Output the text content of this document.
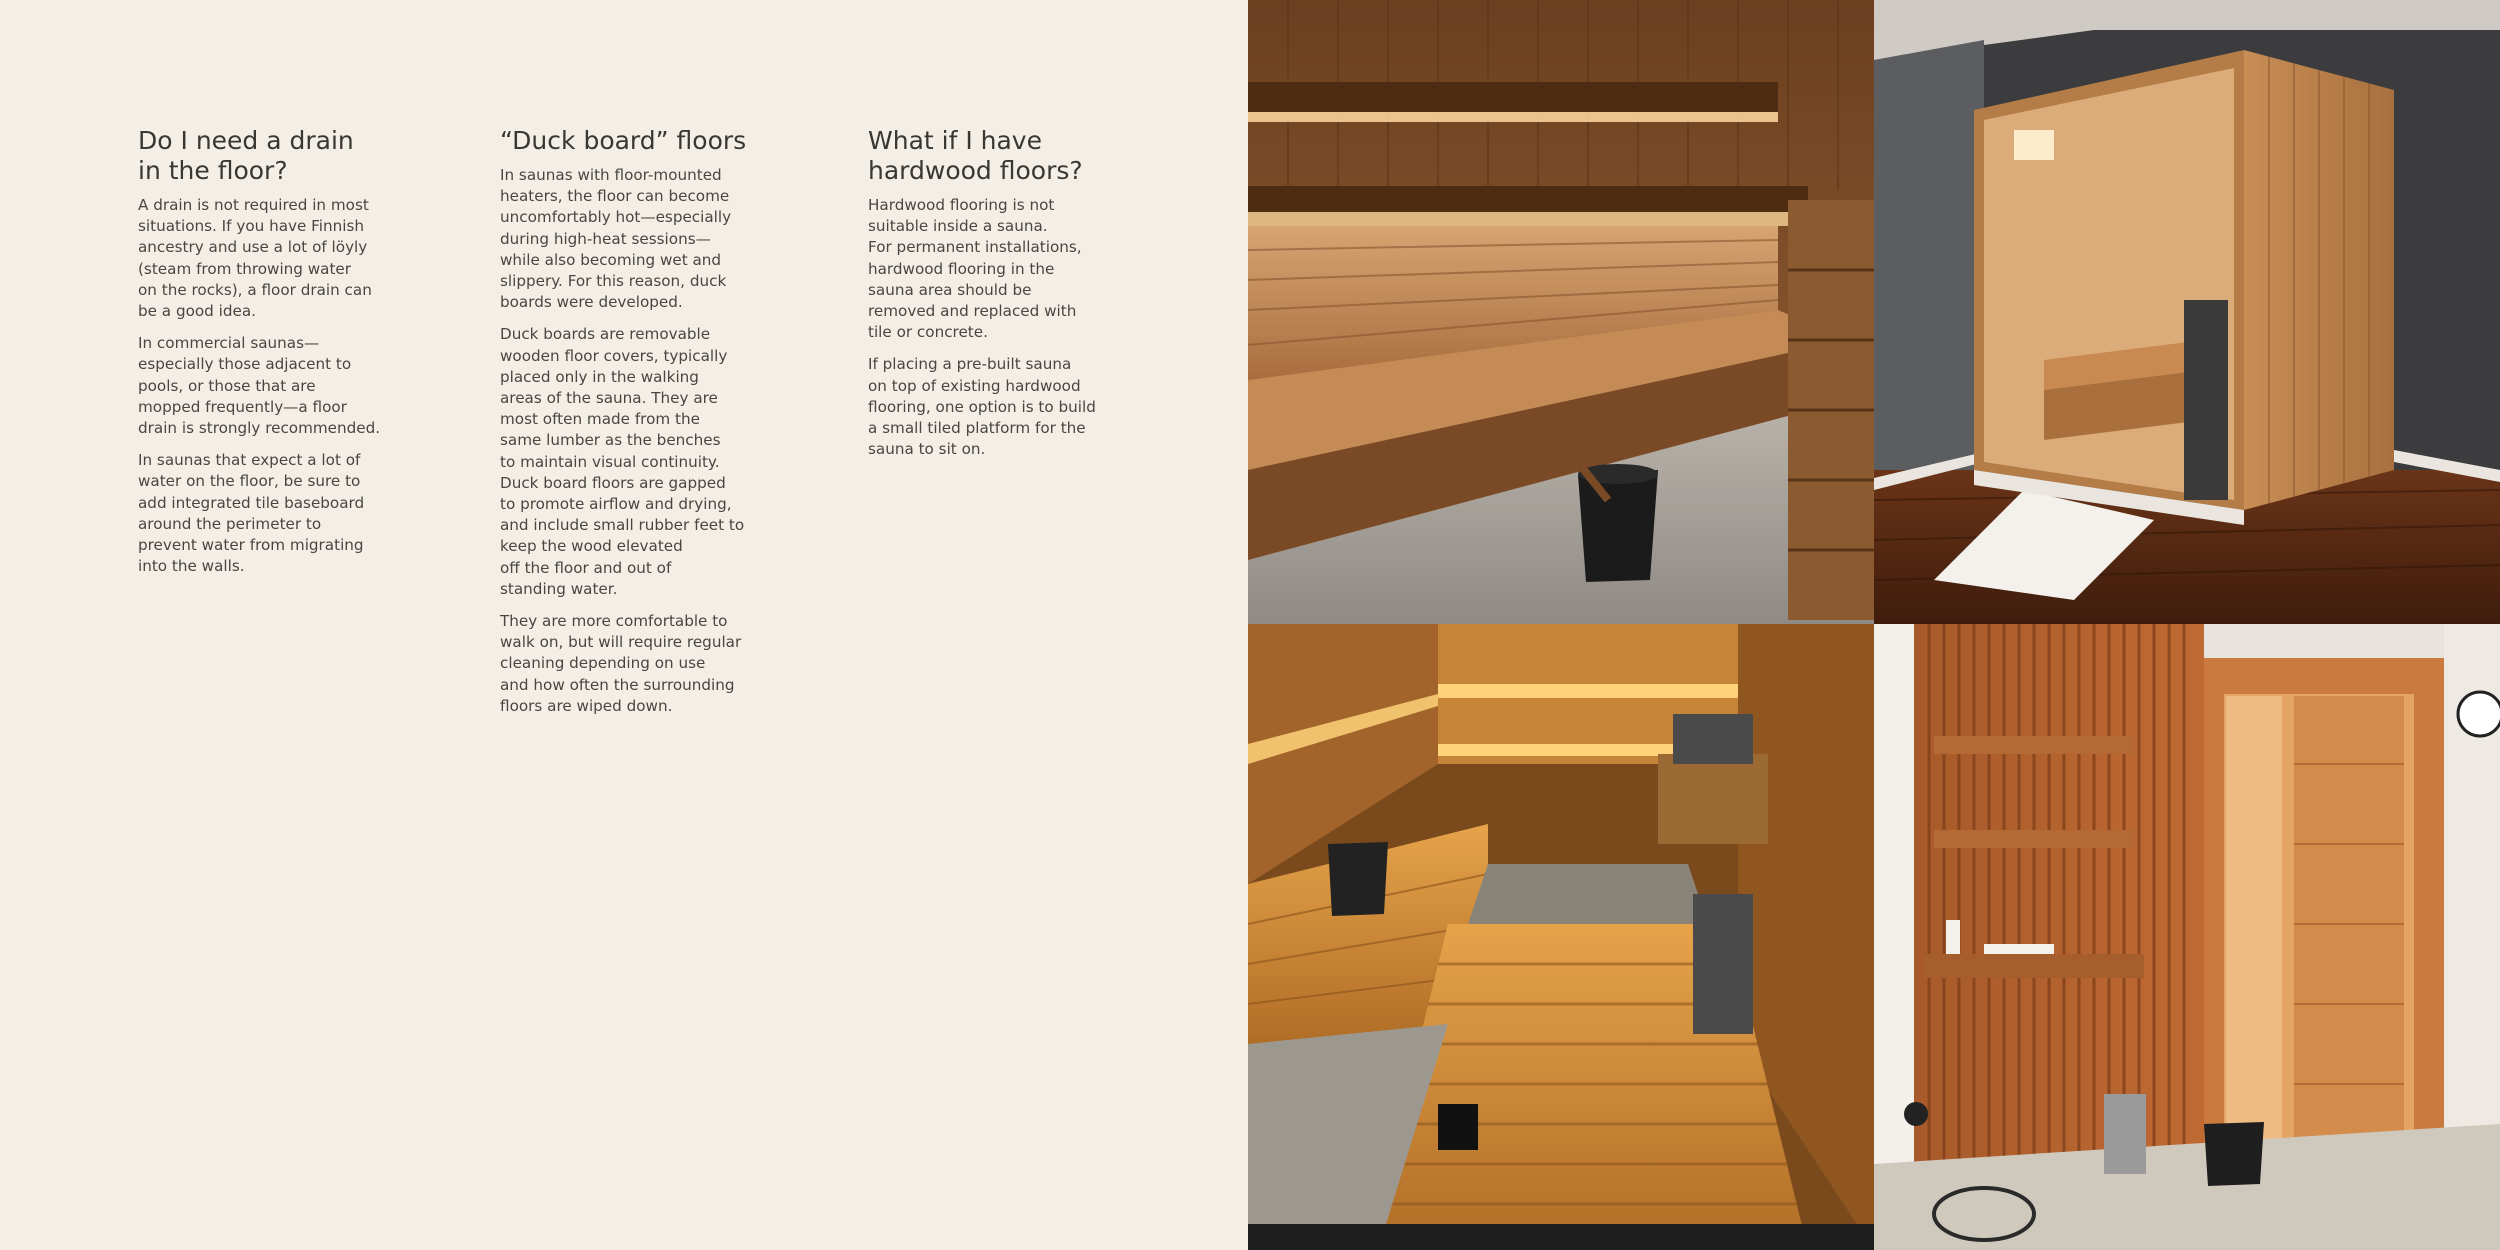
Do I need a drain
in the floor?
A drain is not required in most
situations. If you have Finnish
ancestry and use a lot of löyly
(steam from throwing water
on the rocks), a floor drain can
be a good idea.
In commercial saunas—
especially those adjacent to
pools, or those that are
mopped frequently—a floor
drain is strongly recommended.
In saunas that expect a lot of
water on the floor, be sure to
add integrated tile baseboard
around the perimeter to
prevent water from migrating
into the walls.
“Duck board” floors
In saunas with floor-mounted
heaters, the floor can become
uncomfortably hot—especially
during high-heat sessions—
while also becoming wet and
slippery. For this reason, duck
boards were developed.
Duck boards are removable
wooden floor covers, typically
placed only in the walking
areas of the sauna. They are
most often made from the
same lumber as the benches
to maintain visual continuity.
Duck board floors are gapped
to promote airflow and drying,
and include small rubber feet to
keep the wood elevated
off the floor and out of
standing water.
They are more comfortable to
walk on, but will require regular
cleaning depending on use
and how often the surrounding
floors are wiped down.
What if I have
hardwood floors?
Hardwood flooring is not
suitable inside a sauna.
For permanent installations,
hardwood flooring in the
sauna area should be
removed and replaced with
tile or concrete.
If placing a pre-built sauna
on top of existing hardwood
flooring, one option is to build
a small tiled platform for the
sauna to sit on.
